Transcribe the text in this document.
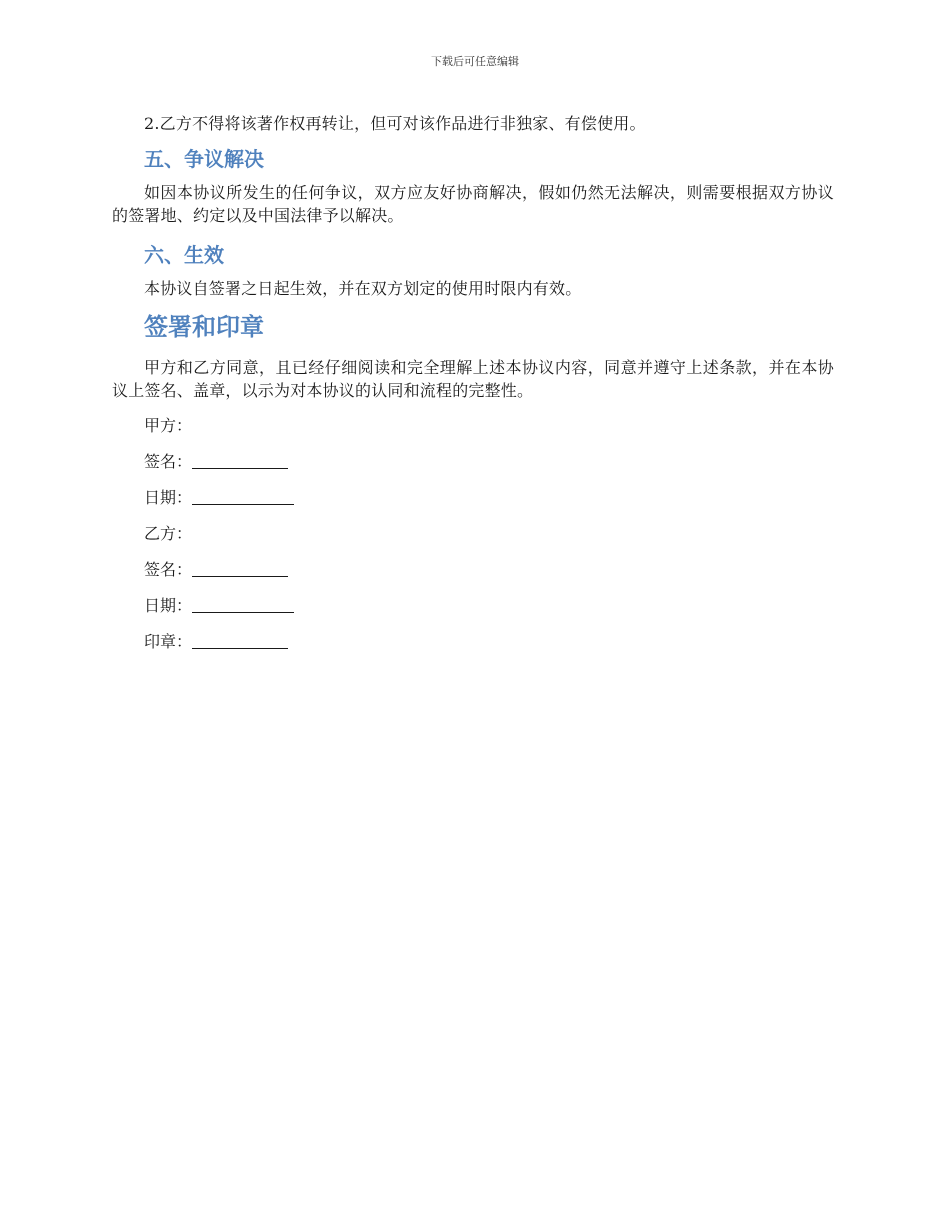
下载后可任意编辑

2.乙方不得将该著作权再转让，但可对该作品进行非独家、有偿使用。

五、争议解决

如因本协议所发生的任何争议，双方应友好协商解决，假如仍然无法解决，则需要根据双方协议的签署地、约定以及中国法律予以解决。

六、生效

本协议自签署之日起生效，并在双方划定的使用时限内有效。

签署和印章

甲方和乙方同意，且已经仔细阅读和完全理解上述本协议内容，同意并遵守上述条款，并在本协议上签名、盖章，以示为对本协议的认同和流程的完整性。

甲方：
签名：
日期：
乙方：
签名：
日期：
印章：
